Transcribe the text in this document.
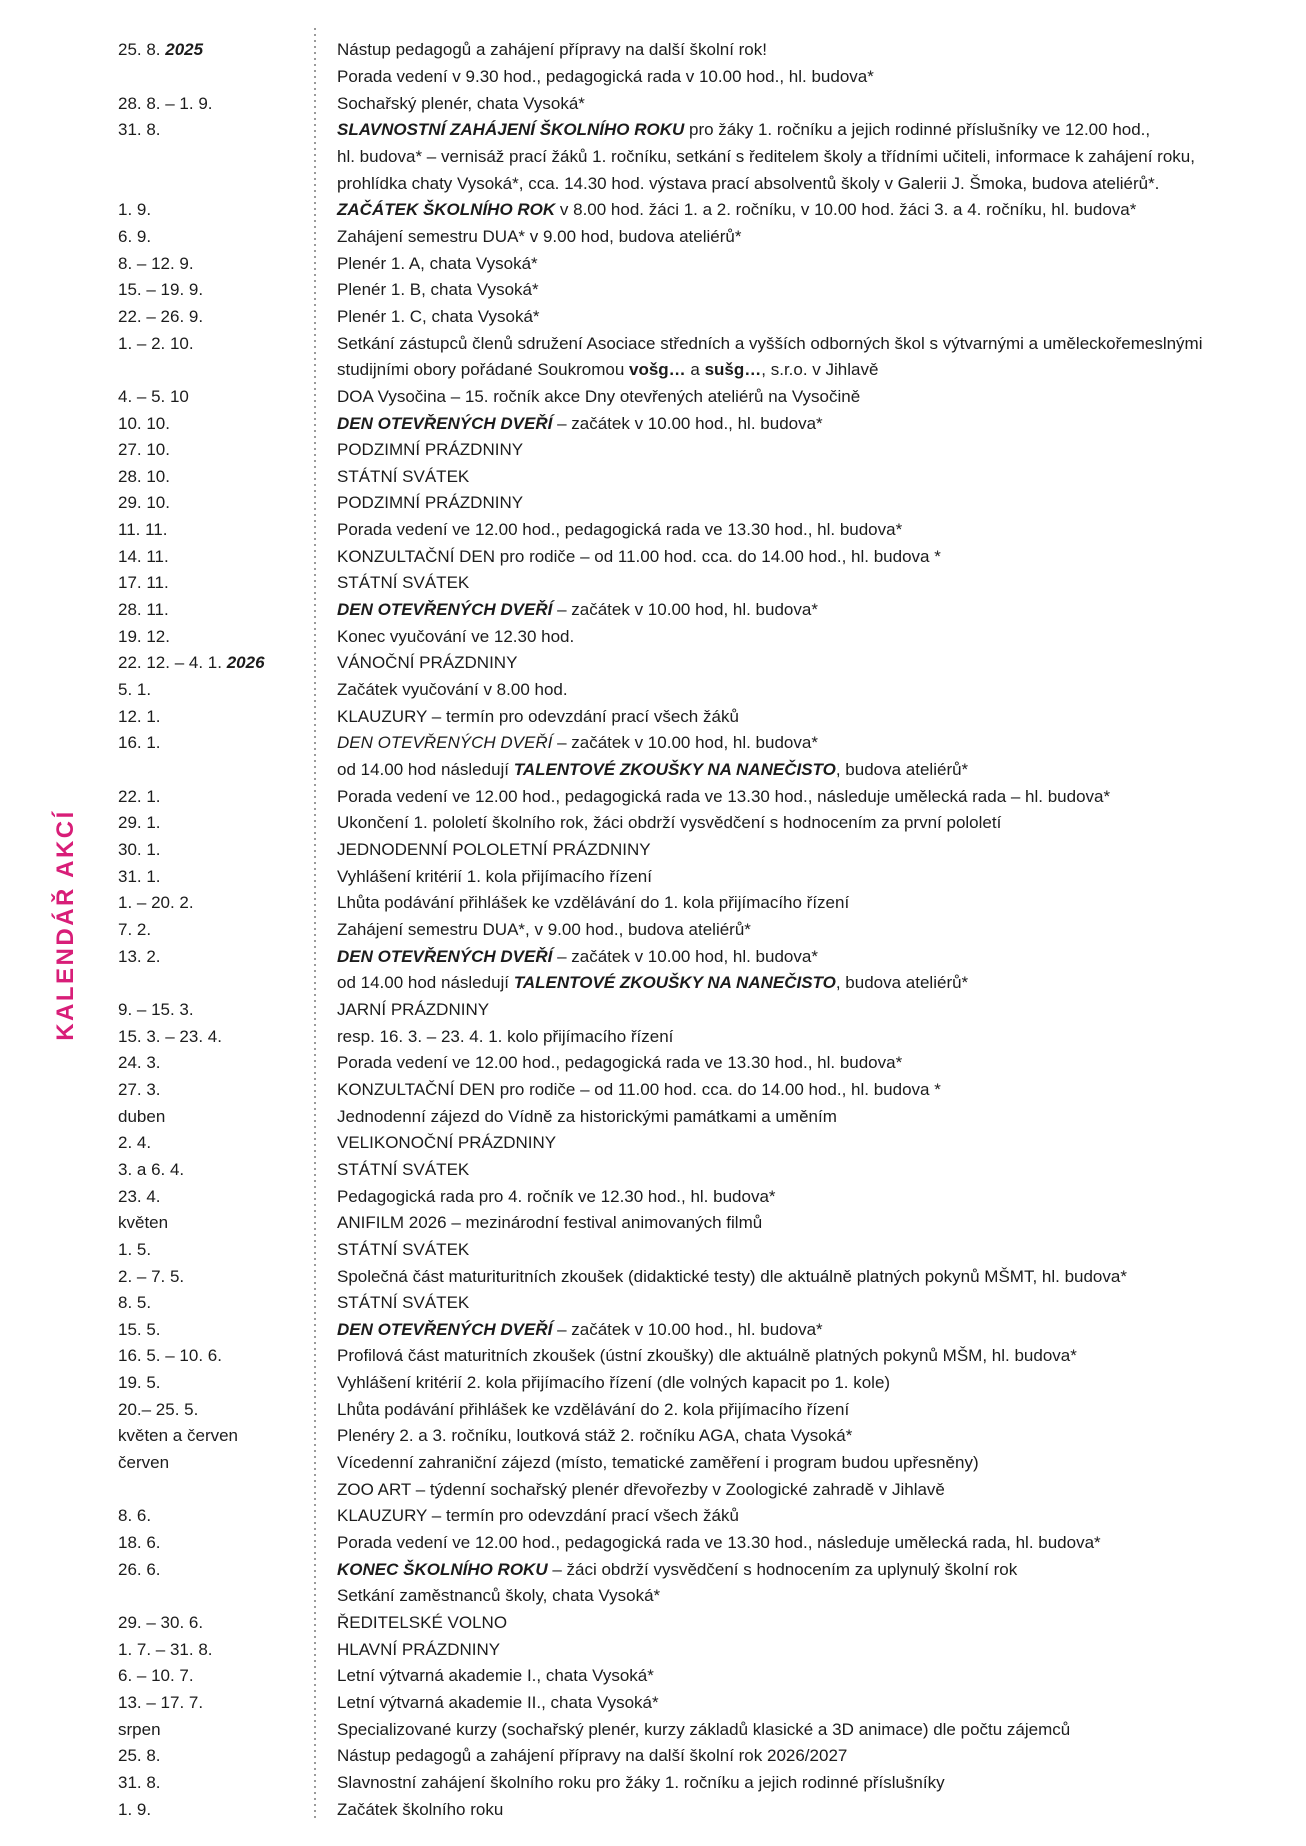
KALENDÁŘ AKCÍ
25. 8. 2025	Nástup pedagogů a zahájení přípravy na další školní rok!
Porada vedení v 9.30 hod., pedagogická rada v 10.00 hod., hl. budova*
28. 8. – 1. 9.	Sochařský plenér, chata Vysoká*
31. 8.	SLAVNOSTNÍ ZAHÁJENÍ ŠKOLNÍHO ROKU pro žáky 1. ročníku a jejich rodinné příslušníky ve 12.00 hod.,
hl. budova* – vernisáž prací žáků 1. ročníku, setkání s ředitelem školy a třídními učiteli, informace k zahájení roku,
prohlídka chaty Vysoká*, cca. 14.30 hod. výstava prací absolventů školy v Galerii J. Šmoka, budova ateliérů*.
1. 9.	ZAČÁTEK ŠKOLNÍHO ROK v 8.00 hod. žáci 1. a 2. ročníku, v 10.00 hod. žáci 3. a 4. ročníku, hl. budova*
6. 9.	Zahájení semestru DUA* v 9.00 hod, budova ateliérů*
8. – 12. 9.	Plenér 1. A, chata Vysoká*
15. – 19. 9.	Plenér 1. B, chata Vysoká*
22. – 26. 9.	Plenér 1. C, chata Vysoká*
1. – 2. 10.	Setkání zástupců členů sdružení Asociace středních a vyšších odborných škol s výtvarnými a uměleckořemeslnými
studijními obory pořádané Soukromou vošg… a sušg…, s.r.o. v Jihlavě
4. – 5. 10	DOA Vysočina – 15. ročník akce Dny otevřených ateliérů na Vysočině
10. 10.	DEN OTEVŘENÝCH DVEŘÍ – začátek v 10.00 hod., hl. budova*
27. 10.	PODZIMNÍ PRÁZDNINY
28. 10.	STÁTNÍ SVÁTEK
29. 10.	PODZIMNÍ PRÁZDNINY
11. 11.	Porada vedení ve 12.00 hod., pedagogická rada ve 13.30 hod., hl. budova*
14. 11.	KONZULTAČNÍ DEN pro rodiče – od 11.00 hod. cca. do 14.00 hod., hl. budova *
17. 11.	STÁTNÍ SVÁTEK
28. 11.	DEN OTEVŘENÝCH DVEŘÍ – začátek v 10.00 hod, hl. budova*
19. 12.	Konec vyučování ve 12.30 hod.
22. 12. – 4. 1. 2026	VÁNOČNÍ PRÁZDNINY
5. 1.	Začátek vyučování v 8.00 hod.
12. 1.	KLAUZURY – termín pro odevzdání prací všech žáků
16. 1.	DEN OTEVŘENÝCH DVEŘÍ – začátek v 10.00 hod, hl. budova*
od 14.00 hod následují TALENTOVÉ ZKOUŠKY NA NANEČISTO, budova ateliérů*
22. 1.	Porada vedení ve 12.00 hod., pedagogická rada ve 13.30 hod., následuje umělecká rada – hl. budova*
29. 1.	Ukončení 1. pololetí školního rok, žáci obdrží vysvědčení s hodnocením za první pololetí
30. 1.	JEDNODENNÍ POLOLETNÍ PRÁZDNINY
31. 1.	Vyhlášení kritérií 1. kola přijímacího řízení
1. – 20. 2.	Lhůta podávání přihlášek ke vzdělávání do 1. kola přijímacího řízení
7. 2.	Zahájení semestru DUA*, v 9.00 hod., budova ateliérů*
13. 2.	DEN OTEVŘENÝCH DVEŘÍ – začátek v 10.00 hod, hl. budova*
od 14.00 hod následují TALENTOVÉ ZKOUŠKY NA NANEČISTO, budova ateliérů*
9. – 15. 3.	JARNÍ PRÁZDNINY
15. 3. – 23. 4.	resp. 16. 3. – 23. 4. 1. kolo přijímacího řízení
24. 3.	Porada vedení ve 12.00 hod., pedagogická rada ve 13.30 hod., hl. budova*
27. 3.	KONZULTAČNÍ DEN pro rodiče – od 11.00 hod. cca. do 14.00 hod., hl. budova *
duben	Jednodenní zájezd do Vídně za historickými památkami a uměním
2. 4.	VELIKONOČNÍ PRÁZDNINY
3. a 6. 4.	STÁTNÍ SVÁTEK
23. 4.	Pedagogická rada pro 4. ročník ve 12.30 hod., hl. budova*
květen	ANIFILM 2026 – mezinárodní festival animovaných filmů
1. 5.	STÁTNÍ SVÁTEK
2. – 7. 5.	Společná část maturituritních zkoušek (didaktické testy) dle aktuálně platných pokynů MŠMT, hl. budova*
8. 5.	STÁTNÍ SVÁTEK
15. 5.	DEN OTEVŘENÝCH DVEŘÍ – začátek v 10.00 hod., hl. budova*
16. 5. – 10. 6.	Profilová část maturitních zkoušek (ústní zkoušky) dle aktuálně platných pokynů MŠM, hl. budova*
19. 5.	Vyhlášení kritérií 2. kola přijímacího řízení (dle volných kapacit po 1. kole)
20.– 25. 5.	Lhůta podávání přihlášek ke vzdělávání do 2. kola přijímacího řízení
květen a červen	Plenéry 2. a 3. ročníku, loutková stáž 2. ročníku AGA, chata Vysoká*
červen	Vícedenní zahraniční zájezd (místo, tematické zaměření i program budou upřesněny)
ZOO ART – týdenní sochařský plenér dřevořezby v Zoologické zahradě v Jihlavě
8. 6.	KLAUZURY – termín pro odevzdání prací všech žáků
18. 6.	Porada vedení ve 12.00 hod., pedagogická rada ve 13.30 hod., následuje umělecká rada, hl. budova*
26. 6.	KONEC ŠKOLNÍHO ROKU – žáci obdrží vysvědčení s hodnocením za uplynulý školní rok
Setkání zaměstnanců školy, chata Vysoká*
29. – 30. 6.	ŘEDITELSKÉ VOLNO
1. 7. – 31. 8.	HLAVNÍ PRÁZDNINY
6. – 10. 7.	Letní výtvarná akademie I., chata Vysoká*
13. – 17. 7.	Letní výtvarná akademie II., chata Vysoká*
srpen	Specializované kurzy (sochařský plenér, kurzy základů klasické a 3D animace) dle počtu zájemců
25. 8.	Nástup pedagogů a zahájení přípravy na další školní rok 2026/2027
31. 8.	Slavnostní zahájení školního roku pro žáky 1. ročníku a jejich rodinné příslušníky
1. 9.	Začátek školního roku
